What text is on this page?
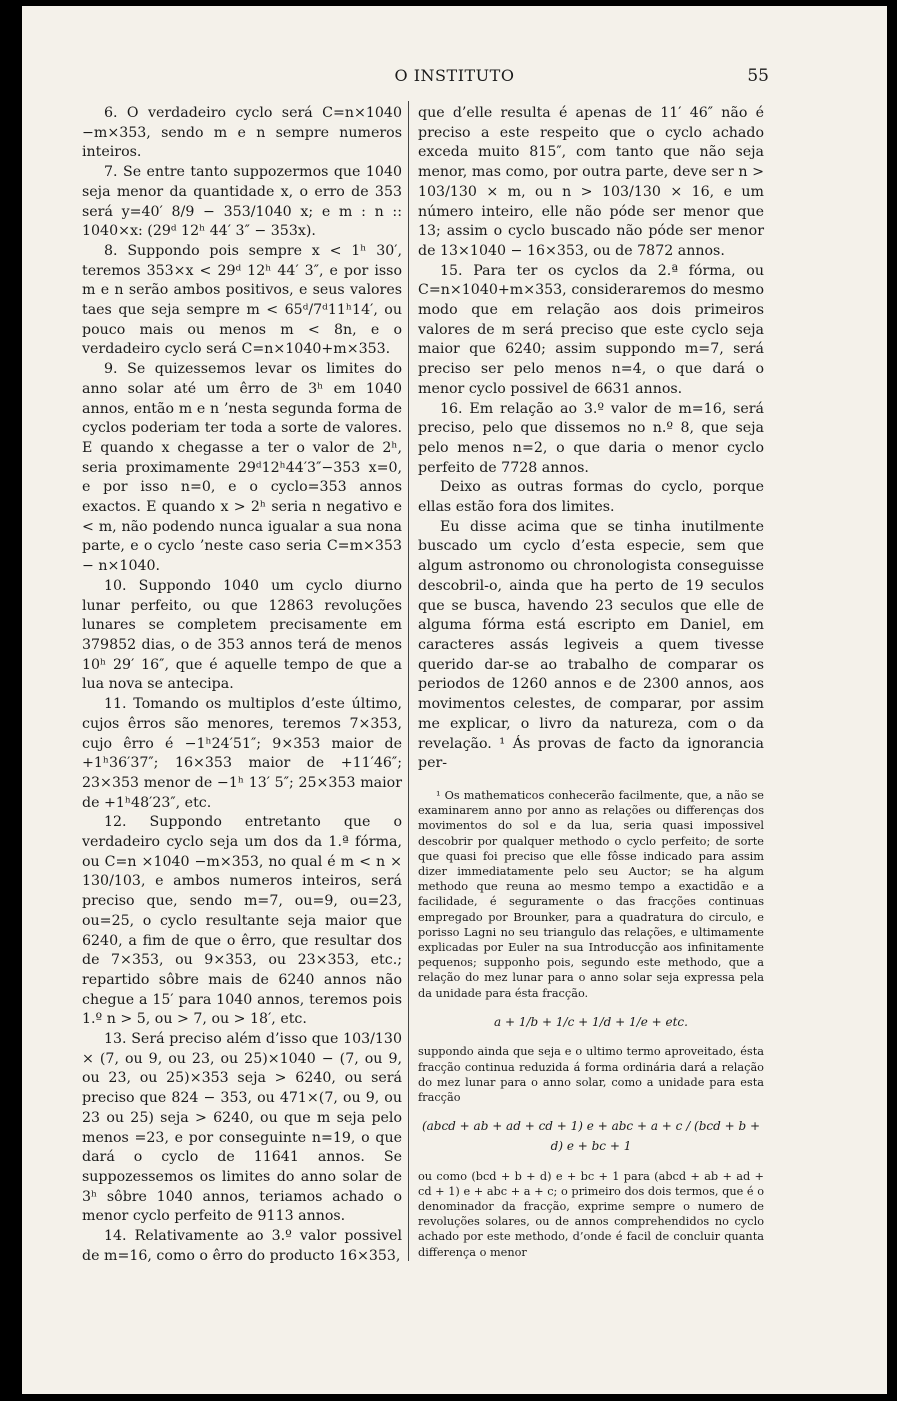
O INSTITUTO	55

6. O verdadeiro cyclo será C=n×1040 −m×353, sendo m e n sempre numeros inteiros.

7. Se entre tanto suppozermos que 1040 seja menor da quantidade x, o erro de 353 será y=40′ 8/9 − 353/1040 x; e m : n :: 1040×x: (29ᵈ 12ʰ 44′ 3″ − 353x).

8. Suppondo pois sempre x < 1ʰ 30′, teremos 353×x < 29ᵈ 12ʰ 44′ 3″, e por isso m e n serão ambos positivos, e seus valores taes que seja sempre m < 65ᵈ/7ᵈ11ʰ14′, ou pouco mais ou menos m < 8n, e o verdadeiro cyclo será C=n×1040+m×353.

9. Se quizessemos levar os limites do anno solar até um êrro de 3ʰ em 1040 annos, então m e n ’nesta segunda forma de cyclos poderiam ter toda a sorte de valores. E quando x chegasse a ter o valor de 2ʰ, seria proximamente 29ᵈ12ʰ44′3″−353 x=0, e por isso n=0, e o cyclo=353 annos exactos. E quando x > 2ʰ seria n negativo e < m, não podendo nunca igualar a sua nona parte, e o cyclo ’neste caso seria C=m×353 − n×1040.

10. Suppondo 1040 um cyclo diurno lunar perfeito, ou que 12863 revoluções lunares se completem precisamente em 379852 dias, o de 353 annos terá de menos 10ʰ 29′ 16″, que é aquelle tempo de que a lua nova se antecipa.

11. Tomando os multiplos d’este último, cujos êrros são menores, teremos 7×353, cujo êrro é −1ʰ24′51″; 9×353 maior de +1ʰ36′37″; 16×353 maior de +11′46″; 23×353 menor de −1ʰ 13′ 5″; 25×353 maior de +1ʰ48′23″, etc.

12. Suppondo entretanto que o verdadeiro cyclo seja um dos da 1.ª fórma, ou C=n ×1040 −m×353, no qual é m < n × 130/103, e ambos numeros inteiros, será preciso que, sendo m=7, ou=9, ou=23, ou=25, o cyclo resultante seja maior que 6240, a fim de que o êrro, que resultar dos de 7×353, ou 9×353, ou 23×353, etc.; repartido sôbre mais de 6240 annos não chegue a 15′ para 1040 annos, teremos pois 1.º n > 5, ou > 7, ou > 18′, etc.

13. Será preciso além d’isso que 103/130 × (7, ou 9, ou 23, ou 25)×1040 − (7, ou 9, ou 23, ou 25)×353 seja > 6240, ou será preciso que 824 − 353, ou 471×(7, ou 9, ou 23 ou 25) seja > 6240, ou que m seja pelo menos =23, e por conseguinte n=19, o que dará o cyclo de 11641 annos. Se suppozessemos os limites do anno solar de 3ʰ sôbre 1040 annos, teriamos achado o menor cyclo perfeito de 9113 annos.

14. Relativamente ao 3.º valor possivel de m=16, como o êrro do producto 16×353,

que d’elle resulta é apenas de 11′ 46″ não é preciso a este respeito que o cyclo achado exceda muito 815″, com tanto que não seja menor, mas como, por outra parte, deve ser n > 103/130 × m, ou n > 103/130 × 16, e um número inteiro, elle não póde ser menor que 13; assim o cyclo buscado não póde ser menor de 13×1040 − 16×353, ou de 7872 annos.

15. Para ter os cyclos da 2.ª fórma, ou C=n×1040+m×353, consideraremos do mesmo modo que em relação aos dois primeiros valores de m será preciso que este cyclo seja maior que 6240; assim suppondo m=7, será preciso ser pelo menos n=4, o que dará o menor cyclo possivel de 6631 annos.

16. Em relação ao 3.º valor de m=16, será preciso, pelo que dissemos no n.º 8, que seja pelo menos n=2, o que daria o menor cyclo perfeito de 7728 annos.

Deixo as outras formas do cyclo, porque ellas estão fora dos limites.

Eu disse acima que se tinha inutilmente buscado um cyclo d’esta especie, sem que algum astronomo ou chronologista conseguisse descobril-o, ainda que ha perto de 19 seculos que se busca, havendo 23 seculos que elle de alguma fórma está escripto em Daniel, em caracteres assás legiveis a quem tivesse querido dar-se ao trabalho de comparar os periodos de 1260 annos e de 2300 annos, aos movimentos celestes, de comparar, por assim me explicar, o livro da natureza, com o da revelação. ¹ Ás provas de facto da ignorancia per-

¹ Os mathematicos conhecerão facilmente, que, a não se examinarem anno por anno as relações ou differenças dos movimentos do sol e da lua, seria quasi impossivel descobrir por qualquer methodo o cyclo perfeito; de sorte que quasi foi preciso que elle fôsse indicado para assim dizer immediatamente pelo seu Auctor; se ha algum methodo que reuna ao mesmo tempo a exactidão e a facilidade, é seguramente o das fracções continuas empregado por Brounker, para a quadratura do circulo, e porisso Lagni no seu triangulo das relações, e ultimamente explicadas por Euler na sua Introducção aos infinitamente pequenos; supponho pois, segundo este methodo, que a relação do mez lunar para o anno solar seja expressa pela da unidade para ésta fracção.
a + 1/b + 1/c + 1/d + 1/e + etc.

suppondo ainda que seja e o ultimo termo aproveitado, ésta fracção continua reduzida á forma ordinária dará a relação do mez lunar para o anno solar, como a unidade para esta fracção

(abcd + ab + ad + cd + 1) e + abc + a + c / (bcd + b + d) e + bc + 1

ou como (bcd + b + d) e + bc + 1 para (abcd + ab + ad + cd + 1) e + abc + a + c; o primeiro dos dois termos, que é o denominador da fracção, exprime sempre o numero de revoluções solares, ou de annos comprehendidos no cyclo achado por este methodo, d’onde é facil de concluir quanta differença o menor
